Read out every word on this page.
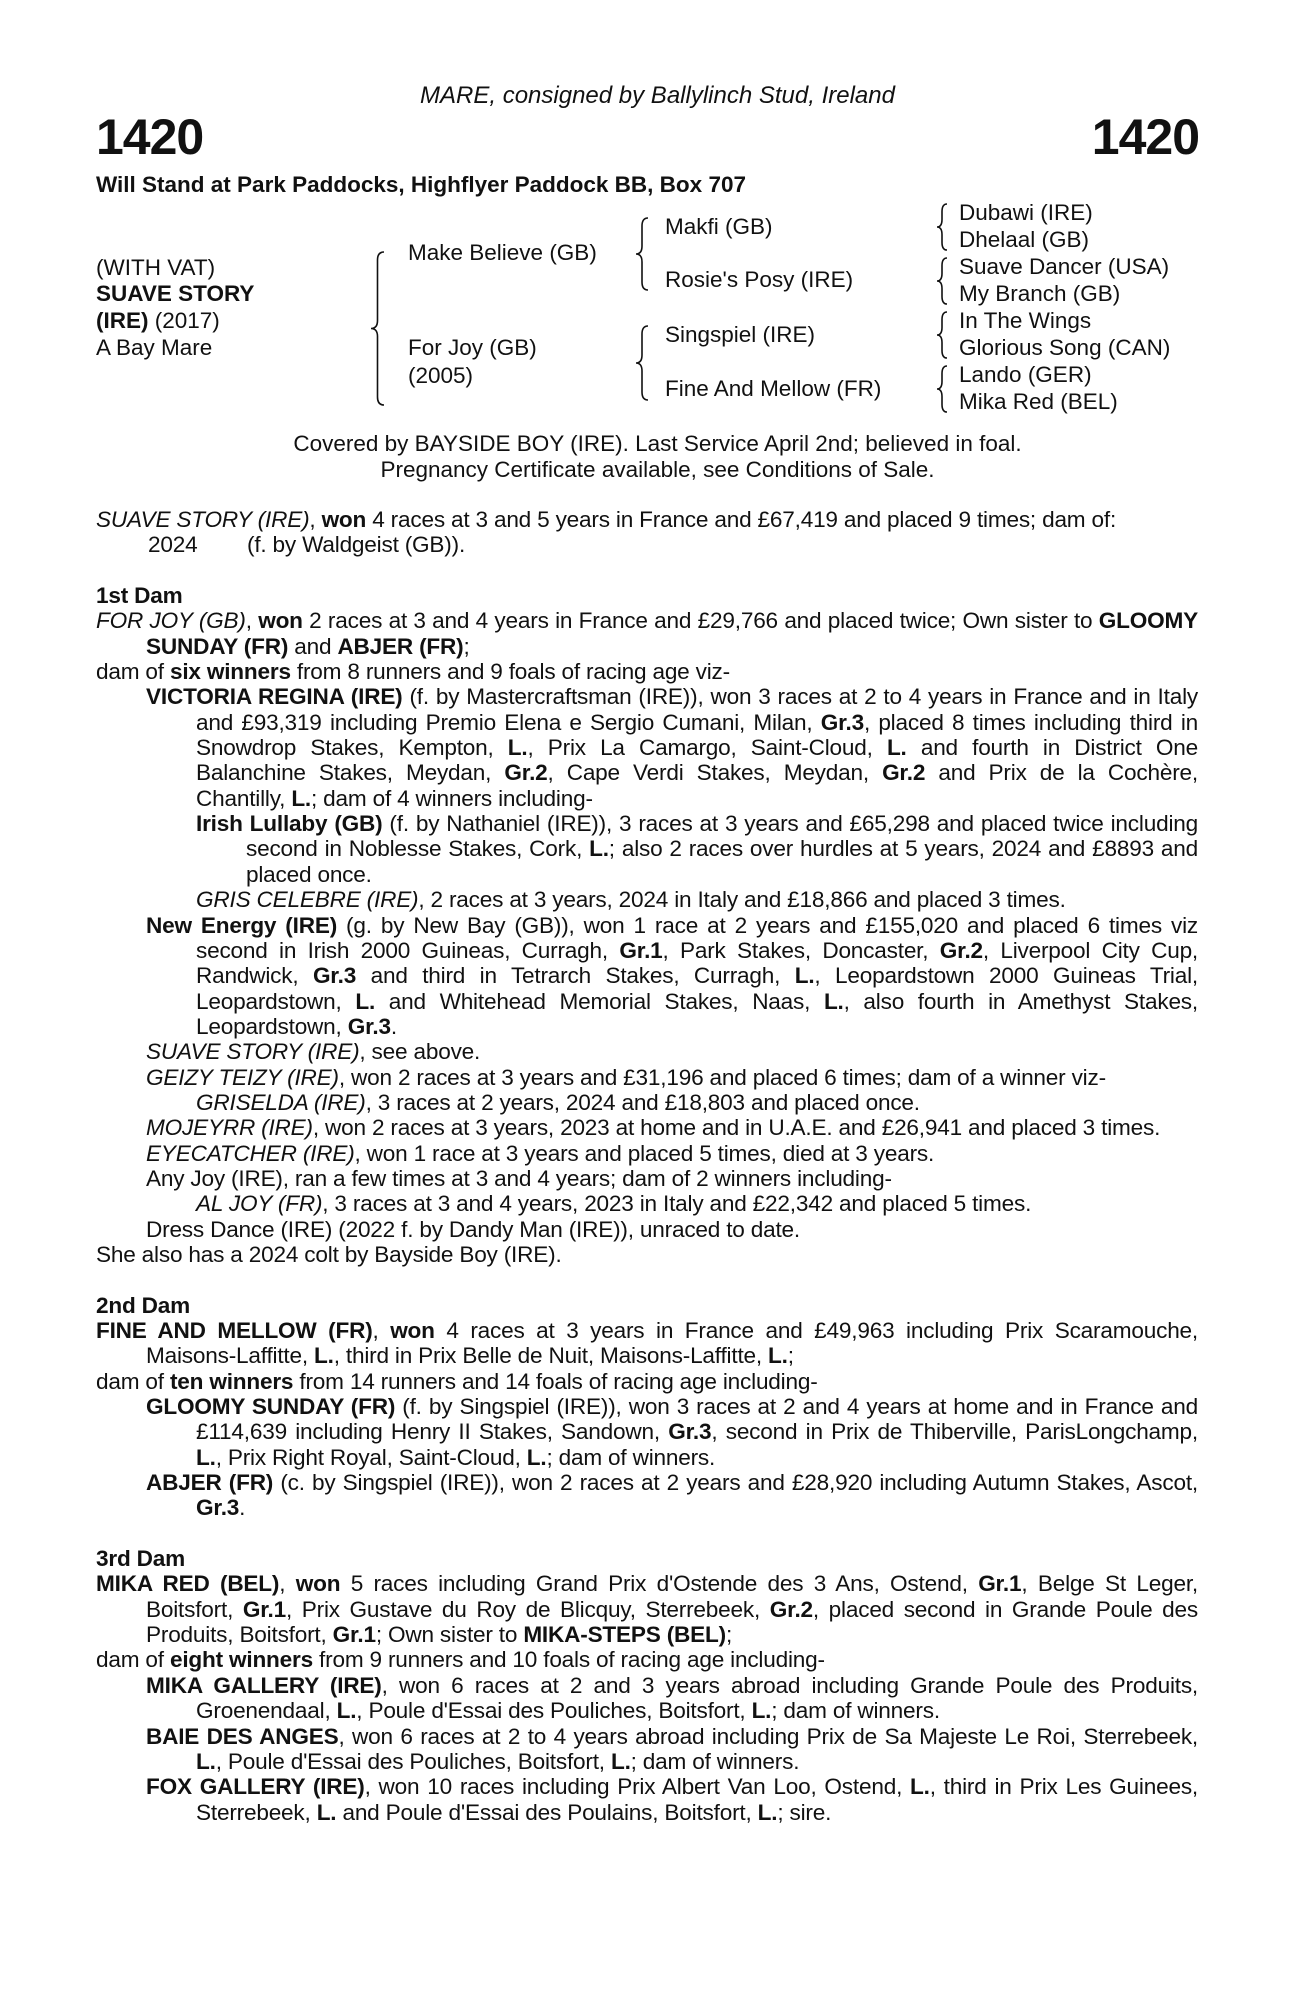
MARE, consigned by Ballylinch Stud, Ireland
1420	1420
Will Stand at Park Paddocks, Highflyer Paddock BB, Box 707
(WITH VAT)
SUAVE STORY
(IRE) (2017)
A Bay Mare
Make Believe (GB)
For Joy (GB)
(2005)
Makfi (GB)
Rosie's Posy (IRE)
Singspiel (IRE)
Fine And Mellow (FR)
Dubawi (IRE)
Dhelaal (GB)
Suave Dancer (USA)
My Branch (GB)
In The Wings
Glorious Song (CAN)
Lando (GER)
Mika Red (BEL)
Covered by BAYSIDE BOY (IRE). Last Service April 2nd; believed in foal.
Pregnancy Certificate available, see Conditions of Sale.

SUAVE STORY (IRE), won 4 races at 3 and 5 years in France and £67,419 and placed 9 times; dam of:

2024 (f. by Waldgeist (GB)).

1st Dam

FOR JOY (GB), won 2 races at 3 and 4 years in France and £29,766 and placed twice; Own sister to GLOOMY SUNDAY (FR) and ABJER (FR);

dam of six winners from 8 runners and 9 foals of racing age viz-

VICTORIA REGINA (IRE) (f. by Mastercraftsman (IRE)), won 3 races at 2 to 4 years in France and in Italy and £93,319 including Premio Elena e Sergio Cumani, Milan, Gr.3, placed 8 times including third in Snowdrop Stakes, Kempton, L., Prix La Camargo, Saint-Cloud, L. and fourth in District One Balanchine Stakes, Meydan, Gr.2, Cape Verdi Stakes, Meydan, Gr.2 and Prix de la Cochère, Chantilly, L.; dam of 4 winners including-

Irish Lullaby (GB) (f. by Nathaniel (IRE)), 3 races at 3 years and £65,298 and placed twice including second in Noblesse Stakes, Cork, L.; also 2 races over hurdles at 5 years, 2024 and £8893 and placed once.

GRIS CELEBRE (IRE), 2 races at 3 years, 2024 in Italy and £18,866 and placed 3 times.

New Energy (IRE) (g. by New Bay (GB)), won 1 race at 2 years and £155,020 and placed 6 times viz second in Irish 2000 Guineas, Curragh, Gr.1, Park Stakes, Doncaster, Gr.2, Liverpool City Cup, Randwick, Gr.3 and third in Tetrarch Stakes, Curragh, L., Leopardstown 2000 Guineas Trial, Leopardstown, L. and Whitehead Memorial Stakes, Naas, L., also fourth in Amethyst Stakes, Leopardstown, Gr.3.

SUAVE STORY (IRE), see above.

GEIZY TEIZY (IRE), won 2 races at 3 years and £31,196 and placed 6 times; dam of a winner viz-

GRISELDA (IRE), 3 races at 2 years, 2024 and £18,803 and placed once.

MOJEYRR (IRE), won 2 races at 3 years, 2023 at home and in U.A.E. and £26,941 and placed 3 times.

EYECATCHER (IRE), won 1 race at 3 years and placed 5 times, died at 3 years.

Any Joy (IRE), ran a few times at 3 and 4 years; dam of 2 winners including-

AL JOY (FR), 3 races at 3 and 4 years, 2023 in Italy and £22,342 and placed 5 times.

Dress Dance (IRE) (2022 f. by Dandy Man (IRE)), unraced to date.

She also has a 2024 colt by Bayside Boy (IRE).

2nd Dam

FINE AND MELLOW (FR), won 4 races at 3 years in France and £49,963 including Prix Scaramouche, Maisons-Laffitte, L., third in Prix Belle de Nuit, Maisons-Laffitte, L.;

dam of ten winners from 14 runners and 14 foals of racing age including-

GLOOMY SUNDAY (FR) (f. by Singspiel (IRE)), won 3 races at 2 and 4 years at home and in France and £114,639 including Henry II Stakes, Sandown, Gr.3, second in Prix de Thiberville, ParisLongchamp, L., Prix Right Royal, Saint-Cloud, L.; dam of winners.

ABJER (FR) (c. by Singspiel (IRE)), won 2 races at 2 years and £28,920 including Autumn Stakes, Ascot, Gr.3.

3rd Dam

MIKA RED (BEL), won 5 races including Grand Prix d'Ostende des 3 Ans, Ostend, Gr.1, Belge St Leger, Boitsfort, Gr.1, Prix Gustave du Roy de Blicquy, Sterrebeek, Gr.2, placed second in Grande Poule des Produits, Boitsfort, Gr.1; Own sister to MIKA-STEPS (BEL);

dam of eight winners from 9 runners and 10 foals of racing age including-

MIKA GALLERY (IRE), won 6 races at 2 and 3 years abroad including Grande Poule des Produits, Groenendaal, L., Poule d'Essai des Pouliches, Boitsfort, L.; dam of winners.

BAIE DES ANGES, won 6 races at 2 to 4 years abroad including Prix de Sa Majeste Le Roi, Sterrebeek, L., Poule d'Essai des Pouliches, Boitsfort, L.; dam of winners.

FOX GALLERY (IRE), won 10 races including Prix Albert Van Loo, Ostend, L., third in Prix Les Guinees, Sterrebeek, L. and Poule d'Essai des Poulains, Boitsfort, L.; sire.
